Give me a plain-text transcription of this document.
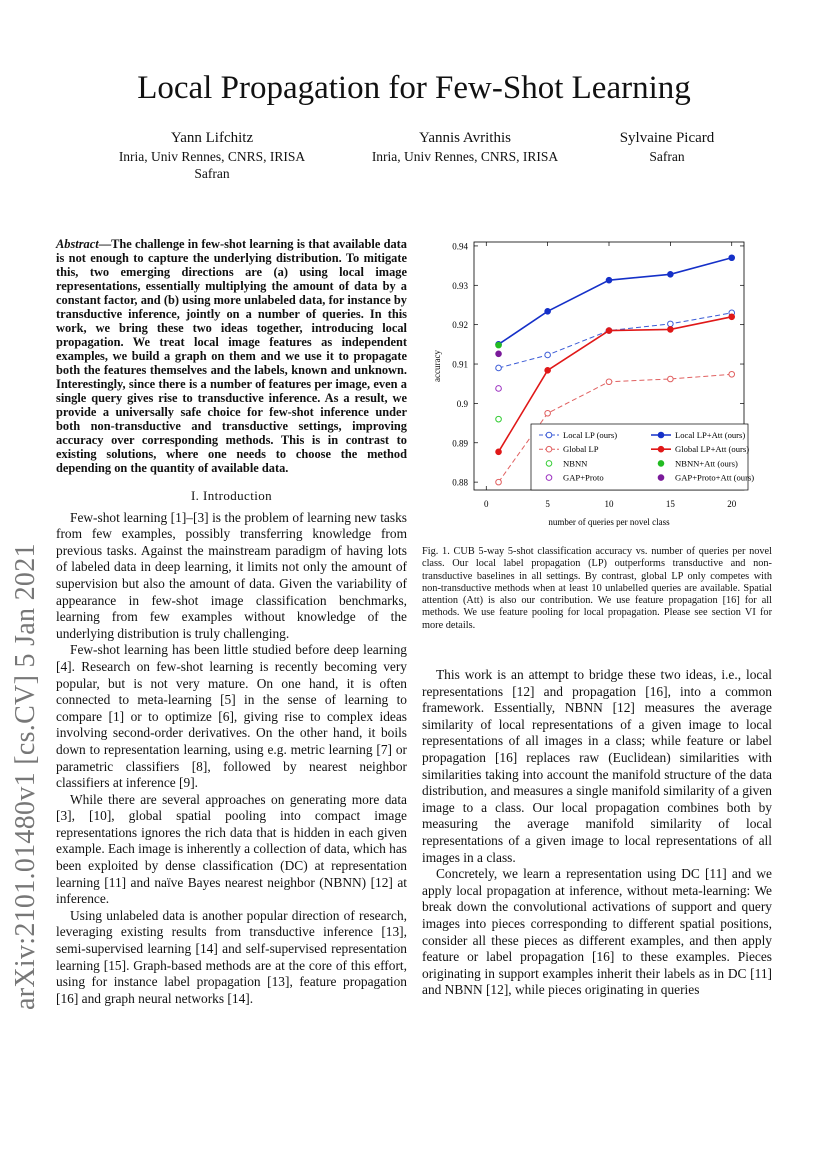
Local Propagation for Few-Shot Learning
Yann Lifchitz
Inria, Univ Rennes, CNRS, IRISA
Safran
Yannis Avrithis
Inria, Univ Rennes, CNRS, IRISA
Sylvaine Picard
Safran
arXiv:2101.01480v1 [cs.CV] 5 Jan 2021
Abstract—The challenge in few-shot learning is that available data is not enough to capture the underlying distribution. To mitigate this, two emerging directions are (a) using local image representations, essentially multiplying the amount of data by a constant factor, and (b) using more unlabeled data, for instance by transductive inference, jointly on a number of queries. In this work, we bring these two ideas together, introducing local propagation. We treat local image features as independent examples, we build a graph on them and we use it to propagate both the features themselves and the labels, known and unknown. Interestingly, since there is a number of features per image, even a single query gives rise to transductive inference. As a result, we provide a universally safe choice for few-shot inference under both non-transductive and transductive settings, improving accuracy over corresponding methods. This is in contrast to existing solutions, where one needs to choose the method depending on the quantity of available data.
I. Introduction

Few-shot learning [1]–[3] is the problem of learning new tasks from few examples, possibly transferring knowledge from previous tasks. Against the mainstream paradigm of having lots of labeled data in deep learning, it limits not only the amount of supervision but also the amount of data. Given the variability of appearance in few-shot image classification benchmarks, learning from few examples without knowledge of the underlying distribution is truly challenging.

Few-shot learning has been little studied before deep learning [4]. Research on few-shot learning is recently becoming very popular, but is not very mature. On one hand, it is often connected to meta-learning [5] in the sense of learning to compare [1] or to optimize [6], giving rise to complex ideas involving second-order derivatives. On the other hand, it boils down to representation learning, using e.g. metric learning [7] or parametric classifiers [8], followed by nearest neighbor classifiers at inference [9].

While there are several approaches on generating more data [3], [10], global spatial pooling into compact image representations ignores the rich data that is hidden in each given example. Each image is inherently a collection of data, which has been exploited by dense classification (DC) at representation learning [11] and naïve Bayes nearest neighbor (NBNN) [12] at inference.

Using unlabeled data is another popular direction of research, leveraging existing results from transductive inference [13], semi-supervised learning [14] and self-supervised representation learning [15]. Graph-based methods are at the core of this effort, using for instance label propagation [13], feature propagation [16] and graph neural networks [14].

0.88
0.89
0.9
0.91
0.92
0.93
0.94
0	5	10	15	20
number of queries per novel class
accuracy
Local LP (ours)	Local LP+Att (ours)
Global LP	Global LP+Att (ours)
NBNN	NBNN+Att (ours)
GAP+Proto	GAP+Proto+Att (ours)
Fig. 1. CUB 5-way 5-shot classification accuracy vs. number of queries per novel class. Our local label propagation (LP) outperforms transductive and non-transductive baselines in all settings. By contrast, global LP only competes with non-transductive methods when at least 10 unlabelled queries are available. Spatial attention (Att) is also our contribution. We use feature propagation [16] for all methods. We use feature pooling for local propagation. Please see section VI for more details.

This work is an attempt to bridge these two ideas, i.e., local representations [12] and propagation [16], into a common framework. Essentially, NBNN [12] measures the average similarity of local representations of a given image to local representations of all images in a class; while feature or label propagation [16] replaces raw (Euclidean) similarities with similarities taking into account the manifold structure of the data distribution, and measures a single manifold similarity of a given image to a class. Our local propagation combines both by measuring the average manifold similarity of local representations of a given image to local representations of all images in a class.

Concretely, we learn a representation using DC [11] and we apply local propagation at inference, without meta-learning: We break down the convolutional activations of support and query images into pieces corresponding to different spatial positions, consider all these pieces as different examples, and then apply feature or label propagation [16] to these examples. Pieces originating in support examples inherit their labels as in DC [11] and NBNN [12], while pieces originating in queries
